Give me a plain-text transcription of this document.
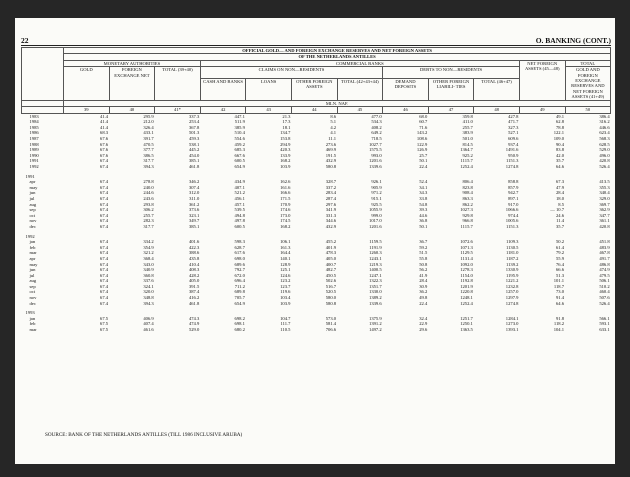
22	O. BANKING (CONT.)
	OFFICIAL GOLD— AND FOREIGN EXCHANGE RESERVES AND NET FOREIGN ASSETS											
	OF THE NETHERLANDS ANTILLES											
	MONETARY AUTHORITIES			COMMERCIAL BANKS							NET FOREIGN ASSETS (45—48)	TOTAL
	GOLD	FOREIGN EXCHANGE NET	TOTAL (39+40)	CLAIMS ON NON—RESIDENTS				DEBTS TO NON—RESIDENTS				GOLD AND FOREIGN EXCHANGE RESERVES AND NET FOREIGN ASSETS (41+49)
				CASH AND BANKS	LOANS	OTHER FOREIGN ASSETS	TOTAL (42+43+44)	DEMAND DEPOSITS	OTHER FOREIGN LIABILI- TIES	TOTAL (46+47)		
	MLN. NAF.											
	39	40	41*	42	43	44	45	46	47	48	49	50
1983	41.4	295.9	337.3	447.1	21.3	8.6	477.0	68.0	359.8	427.8	49.1	386.4
1984	41.4	212.0	253.4	511.9	17.3	5.1	534.3	60.7	411.0	471.7	62.8	316.2
1985	41.4	326.4	367.8	385.9	18.1	4.2	408.2	71.6	255.7	327.3	78.8	446.6
1986	68.3	433.1	501.3	510.4	134.7	4.1	649.2	143.2	383.9	527.1	122.1	623.4
1987	67.6	391.7	459.3	554.6	153.8	11.1	718.5	108.6	501.0	609.6	109.0	568.3
1988	67.6	470.5	538.1	459.2	294.9	273.6	1027.7	122.9	814.5	937.4	90.4	628.5
1989	67.6	377.7	445.2	685.3	420.3	469.9	1575.5	126.9	1364.7	1491.6	83.8	529.0
1990	67.6	386.5	454.0	667.6	133.9	191.5	993.0	25.7	925.2	950.9	42.0	496.0
1991	67.4	317.7	385.1	600.5	168.2	432.9	1201.6	50.1	1115.7	1151.3	35.7	420.8
1992	67.4	394.3	461.8	654.9	103.9	580.8	1339.6	22.4	1252.4	1274.8	64.6	526.4

1991												
apr	67.4	278.8	346.2	434.9	162.6	328.7	926.1	52.4	806.4	858.8	67.3	413.5
may	67.4	240.0	307.4	407.1	161.6	337.2	905.9	34.1	823.8	857.9	47.9	355.3
jun	67.4	244.6	312.0	521.2	166.6	283.4	971.2	34.3	908.4	942.7	28.4	340.4
jul	67.4	243.6	311.0	456.1	171.5	287.4	915.1	33.8	863.3	897.1	18.0	329.0
aug	67.4	293.8	361.2	457.1	170.9	297.6	925.5	54.8	862.2	917.0	8.5	369.7
sep	67.4	306.2	373.6	539.5	174.6	341.9	1055.9	39.3	1027.3	1066.6	— 10.7	362.9
oct	67.4	255.7	323.1	494.8	173.0	331.3	999.0	44.6	929.8	974.4	24.6	347.7
nov	67.4	282.3	349.7	497.8	174.5	344.6	1017.0	36.8	966.8	1005.6	11.4	361.1
dec	67.4	317.7	385.1	600.5	168.2	432.9	1201.6	50.1	1115.7	1151.3	35.7	420.8

1992												
jan	67.4	334.2	401.6	598.3	106.1	455.2	1159.5	36.7	1072.6	1109.3	50.2	451.8
feb	67.4	354.9	422.3	628.7	161.3	401.9	1191.9	59.2	1071.3	1130.5	61.4	483.9
mar	67.4	321.2	388.6	617.6	164.4	478.3	1260.3	51.5	1129.5	1181.0	79.2	467.8
apr	67.4	368.4	435.8	698.0	140.1	405.0	1243.1	55.8	1131.4	1187.2	55.9	491.7
may	67.4	343.0	410.4	689.6	128.9	400.7	1219.3	50.8	1092.0	1139.2	76.4	486.8
jun	67.4	340.9	408.3	792.7	125.1	482.7	1400.5	56.2	1278.3	1330.9	66.6	474.9
jul	67.4	360.8	428.2	672.0	124.6	450.5	1247.1	41.9	1154.0	1195.9	51.3	479.5
aug	67.4	337.6	405.0	696.4	123.2	502.6	1322.3	28.4	1192.8	1221.2	101.1	506.1
sep	67.4	324.1	391.5	711.2	123.7	516.7	1351.7	30.9	1201.9	1232.8	118.7	510.2
oct	67.4	320.0	387.4	689.8	119.6	520.5	1330.0	36.2	1220.8	1257.0	73.0	460.4
nov	67.4	348.8	416.2	705.7	103.4	580.0	1389.2	49.8	1248.1	1297.9	91.4	507.6
dec	67.4	394.3	461.8	654.9	103.9	580.8	1339.6	22.4	1252.4	1274.8	64.6	526.4

1993												
jan	67.5	406.9	474.3	698.2	104.7	573.0	1375.9	32.4	1251.7	1284.1	91.8	566.1
feb	67.5	407.4	474.9	698.1	111.7	581.4	1391.2	22.9	1250.1	1273.0	118.2	593.1
mar	67.5	461.6	529.0	680.2	110.5	706.6	1497.2	29.6	1363.5	1393.1	104.1	633.1
SOURCE: BANK OF THE NETHERLANDS ANTILLES (TILL 1986 INCLUSIVE ARUBA)
